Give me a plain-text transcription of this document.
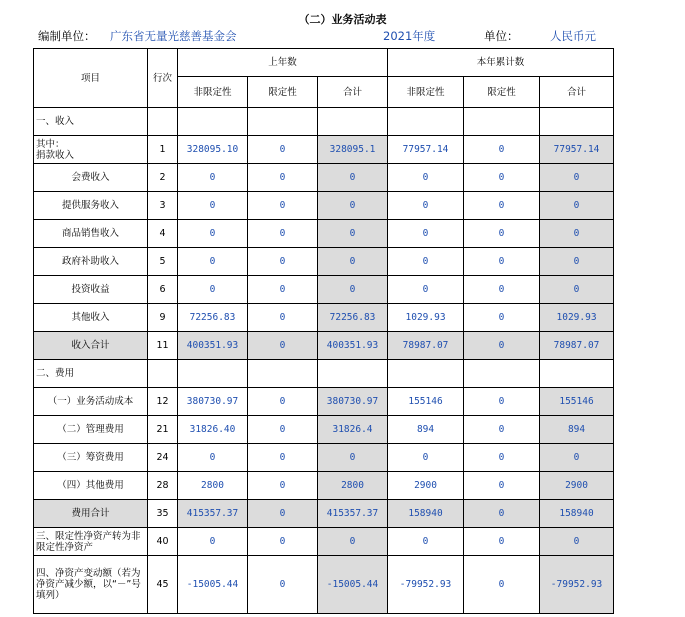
（二）业务活动表
编制单位： 广东省无量光慈善基金会	2021年度	单位：	人民币元
项目	行次	上年数			本年累计数		
		非限定性	限定性	合计	非限定性	限定性	合计
一、收入							
其中：
捐款收入	1	328095.10	0	328095.1	77957.14	0	77957.14
会费收入	2	0	0	0	0	0	0
提供服务收入	3	0	0	0	0	0	0
商品销售收入	4	0	0	0	0	0	0
政府补助收入	5	0	0	0	0	0	0
投资收益	6	0	0	0	0	0	0
其他收入	9	72256.83	0	72256.83	1029.93	0	1029.93
收入合计	11	400351.93	0	400351.93	78987.07	0	78987.07
二、费用							
（一）业务活动成本	12	380730.97	0	380730.97	155146	0	155146
（二）管理费用	21	31826.40	0	31826.4	894	0	894
（三）筹资费用	24	0	0	0	0	0	0
（四）其他费用	28	2800	0	2800	2900	0	2900
费用合计	35	415357.37	0	415357.37	158940	0	158940
三、限定性净资产转为非限定性净资产	40	0	0	0	0	0	0
四、净资产变动额（若为净资产减少额，以“－”号填列）	45	-15005.44	0	-15005.44	-79952.93	0	-79952.93
